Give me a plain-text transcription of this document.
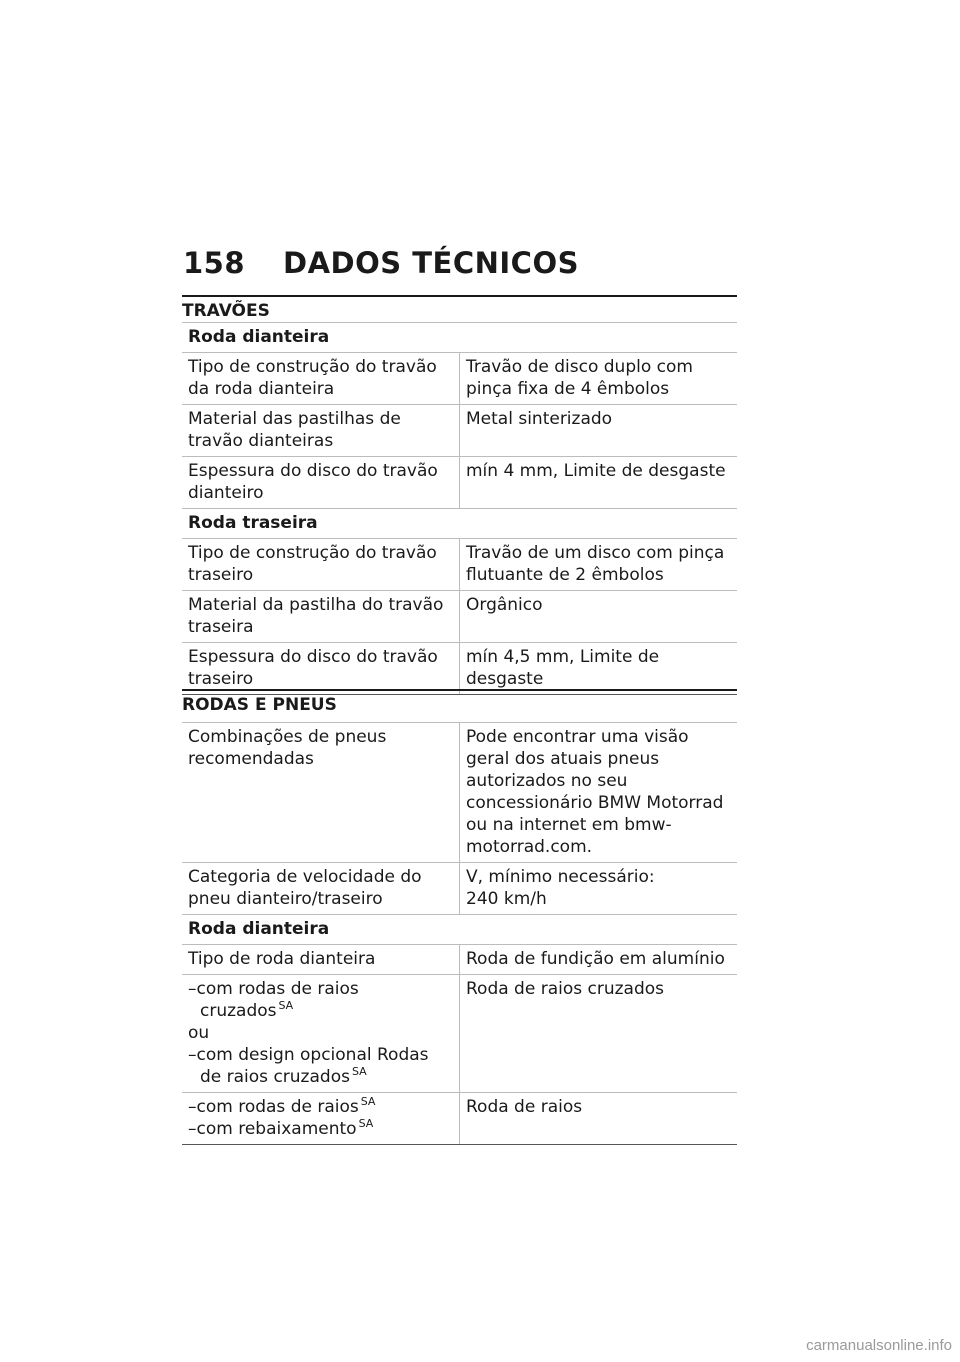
158 DADOS TÉCNICOS
TRAVÕES
Roda dianteira	
Tipo de construção do travão da roda dianteira	Travão de disco duplo com pinça fixa de 4 êmbolos
Material das pastilhas de travão dianteiras	Metal sinterizado
Espessura do disco do travão dianteiro	mín 4 mm, Limite de desgaste
Roda traseira	
Tipo de construção do travão traseiro	Travão de um disco com pinça flutuante de 2 êmbolos
Material da pastilha do travão traseira	Orgânico
Espessura do disco do travão traseiro	mín 4,5 mm, Limite de desgaste
RODAS E PNEUS
Combinações de pneus recomendadas	Pode encontrar uma visão geral dos atuais pneus autorizados no seu concessionário BMW Motorrad ou na internet em bmw-motorrad.com.
Categoria de velocidade do pneu dianteiro/traseiro	V, mínimo necessário:
240 km/h
Roda dianteira	
Tipo de roda dianteira	Roda de fundição em alumínio

–com rodas de raios cruzados $^{SA}$
ou
–com design opcional Rodas de raios cruzados $^{SA}$	Roda de raios cruzados

–com rodas de raios $^{SA}$
–com rebaixamento $^{SA}$	Roda de raios
carmanualsonline.info
